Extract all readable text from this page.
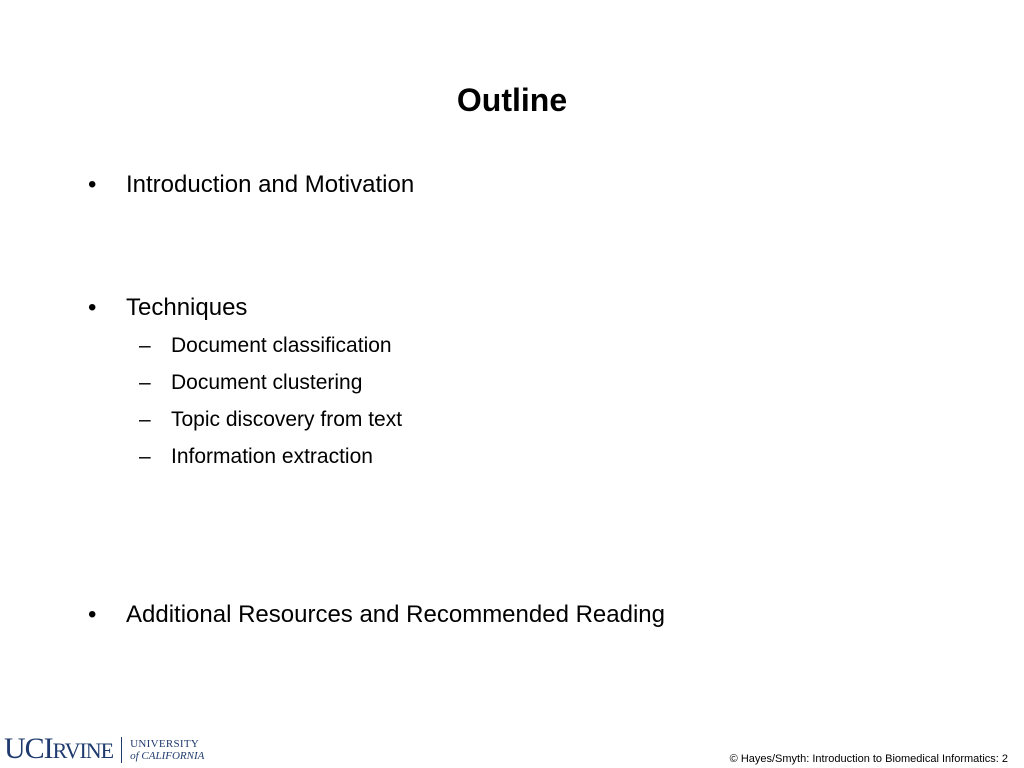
Outline
• Introduction and Motivation
• Techniques
– Document classification
– Document clustering
– Topic discovery from text
– Information extraction
• Additional Resources and Recommended Reading
UCIRVINE UNIVERSITY
of CALIFORNIA	© Hayes/Smyth: Introduction to Biomedical Informatics: 2
